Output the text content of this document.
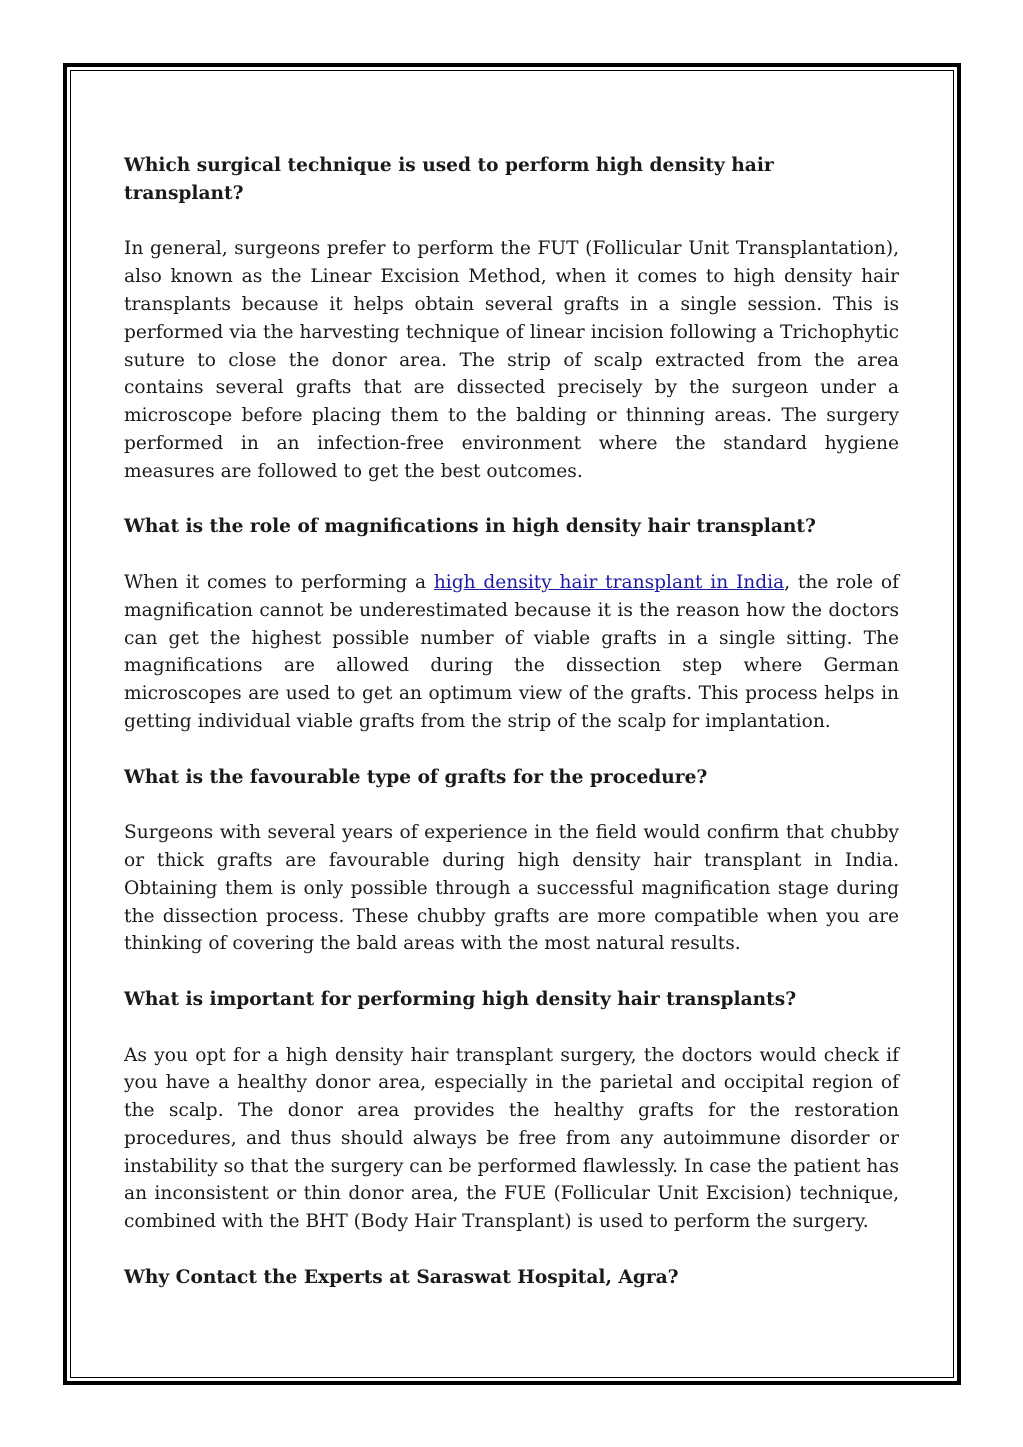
Which surgical technique is used to perform high density hair transplant?

In general, surgeons prefer to perform the FUT (Follicular Unit Transplantation), also known as the Linear Excision Method, when it comes to high density hair transplants because it helps obtain several grafts in a single session. This is performed via the harvesting technique of linear incision following a Trichophytic suture to close the donor area. The strip of scalp extracted from the area contains several grafts that are dissected precisely by the surgeon under a microscope before placing them to the balding or thinning areas. The surgery performed in an infection-free environment where the standard hygiene measures are followed to get the best outcomes.

What is the role of magnifications in high density hair transplant?

When it comes to performing a high density hair transplant in India, the role of magnification cannot be underestimated because it is the reason how the doctors can get the highest possible number of viable grafts in a single sitting. The magnifications are allowed during the dissection step where German microscopes are used to get an optimum view of the grafts. This process helps in getting individual viable grafts from the strip of the scalp for implantation.

What is the favourable type of grafts for the procedure?

Surgeons with several years of experience in the field would confirm that chubby or thick grafts are favourable during high density hair transplant in India. Obtaining them is only possible through a successful magnification stage during the dissection process. These chubby grafts are more compatible when you are thinking of covering the bald areas with the most natural results.

What is important for performing high density hair transplants?

As you opt for a high density hair transplant surgery, the doctors would check if you have a healthy donor area, especially in the parietal and occipital region of the scalp. The donor area provides the healthy grafts for the restoration procedures, and thus should always be free from any autoimmune disorder or instability so that the surgery can be performed flawlessly. In case the patient has an inconsistent or thin donor area, the FUE (Follicular Unit Excision) technique, combined with the BHT (Body Hair Transplant) is used to perform the surgery.

Why Contact the Experts at Saraswat Hospital, Agra?
